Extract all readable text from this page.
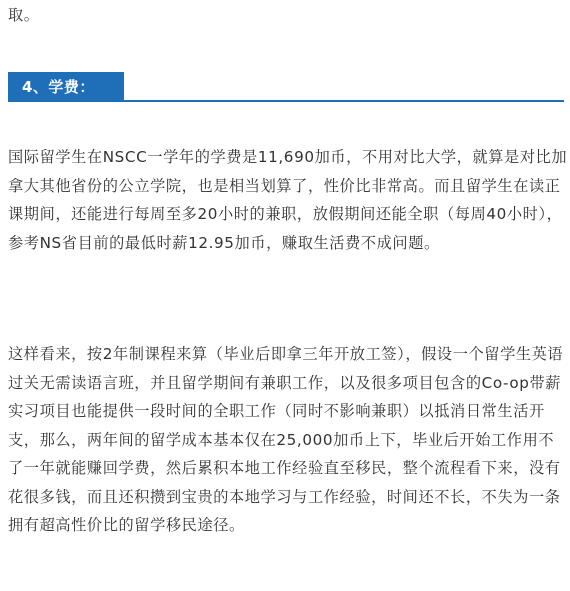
取。

4、学费：

国际留学生在NSCC一学年的学费是11,690加币，不用对比大学，就算是对比加拿大其他省份的公立学院，也是相当划算了，性价比非常高。而且留学生在读正课期间，还能进行每周至多20小时的兼职，放假期间还能全职（每周40小时），参考NS省目前的最低时薪12.95加币，赚取生活费不成问题。

这样看来，按2年制课程来算（毕业后即拿三年开放工签），假设一个留学生英语过关无需读语言班，并且留学期间有兼职工作，以及很多项目包含的Co-op带薪实习项目也能提供一段时间的全职工作（同时不影响兼职）以抵消日常生活开支，那么，两年间的留学成本基本仅在25,000加币上下，毕业后开始工作用不了一年就能赚回学费，然后累积本地工作经验直至移民，整个流程看下来，没有花很多钱，而且还积攒到宝贵的本地学习与工作经验，时间还不长，不失为一条拥有超高性价比的留学移民途径。
